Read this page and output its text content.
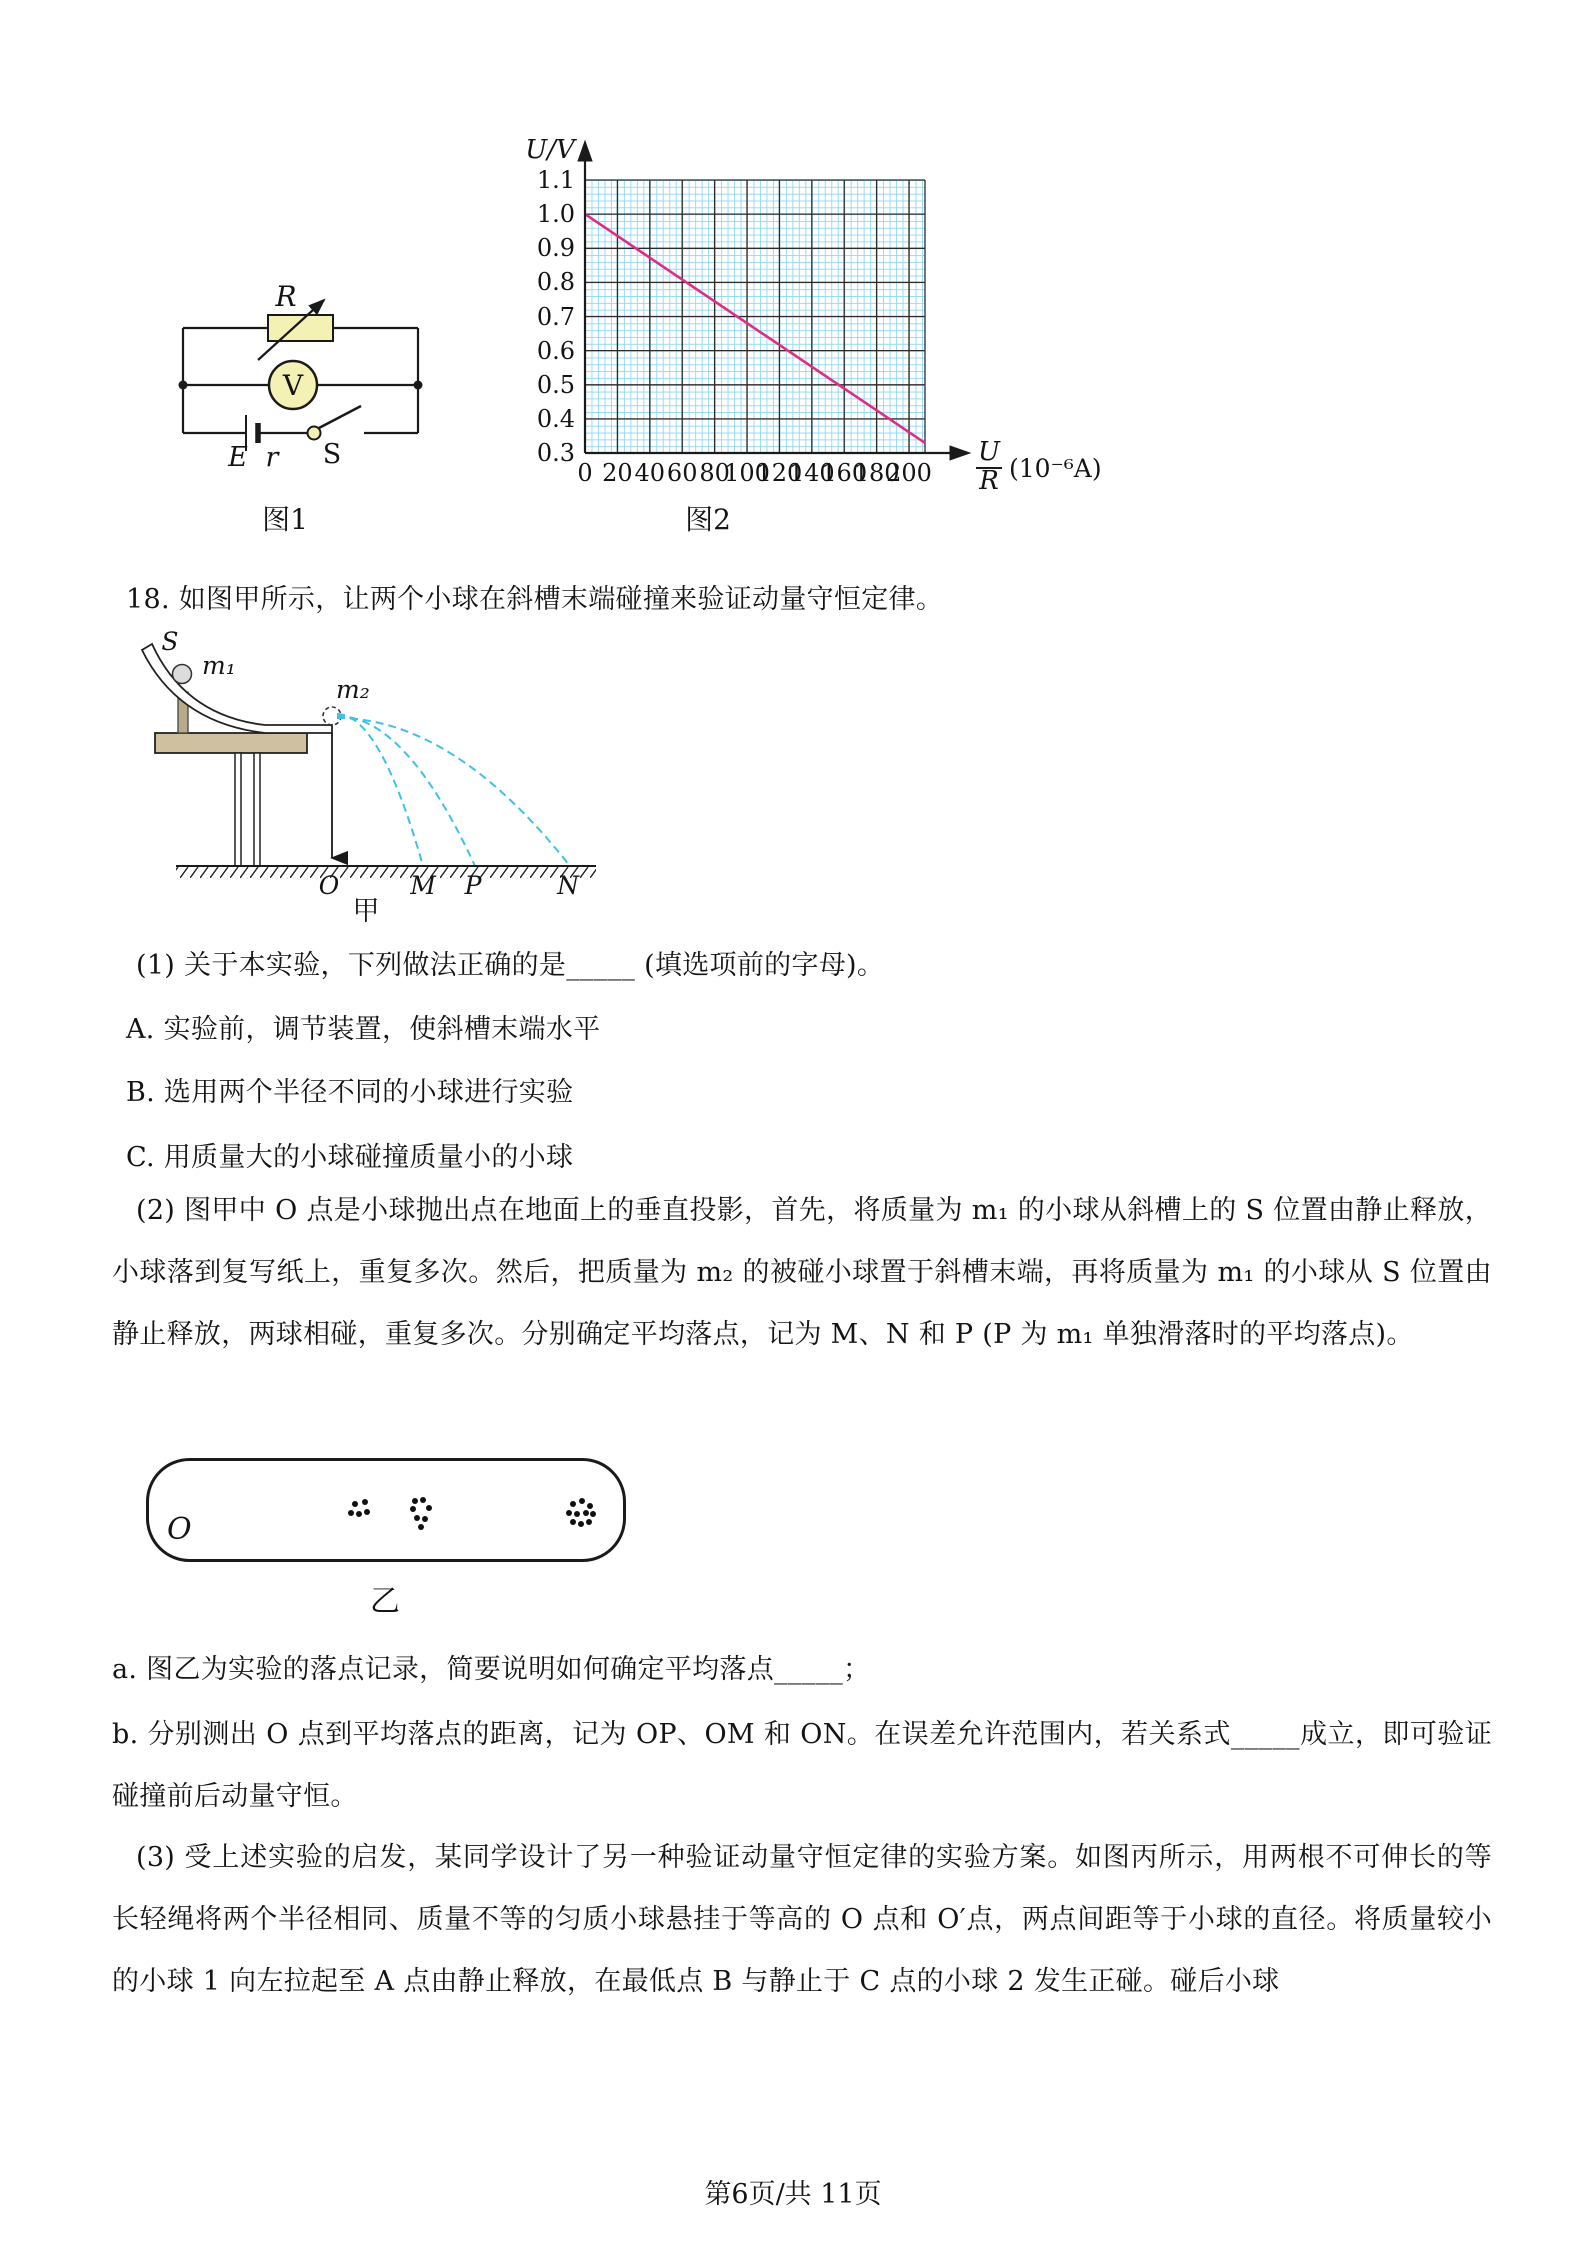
R
V
E r S
图1
U/V
1.1
1.0
0.9
0.8
0.7
0.6
0.5
0.4
0.3
0 20 40 60 80
100
120
140
160
180
200
U
R (10⁻⁶A)
图2
18. 如图甲所示，让两个小球在斜槽末端碰撞来验证动量守恒定律。
S
m₁
m₂
O	M P	N
甲
(1) 关于本实验，下列做法正确的是_____ (填选项前的字母)。
A. 实验前，调节装置，使斜槽末端水平
B. 选用两个半径不同的小球进行实验
C. 用质量大的小球碰撞质量小的小球
(2) 图甲中 O 点是小球抛出点在地面上的垂直投影，首先，将质量为 m₁ 的小球从斜槽上的 S 位置由静止释放，小球落到复写纸上，重复多次。然后，把质量为 m₂ 的被碰小球置于斜槽末端，再将质量为 m₁ 的小球从 S 位置由静止释放，两球相碰，重复多次。分别确定平均落点，记为 M、N 和 P (P 为 m₁ 单独滑落时的平均落点)。
O
乙
a. 图乙为实验的落点记录，简要说明如何确定平均落点_____；
b. 分别测出 O 点到平均落点的距离，记为 OP、OM 和 ON。在误差允许范围内，若关系式_____成立，即可验证碰撞前后动量守恒。
(3) 受上述实验的启发，某同学设计了另一种验证动量守恒定律的实验方案。如图丙所示，用两根不可伸长的等长轻绳将两个半径相同、质量不等的匀质小球悬挂于等高的 O 点和 O′点，两点间距等于小球的直径。将质量较小的小球 1 向左拉起至 A 点由静止释放，在最低点 B 与静止于 C 点的小球 2 发生正碰。碰后小球
第6页/共 11页
